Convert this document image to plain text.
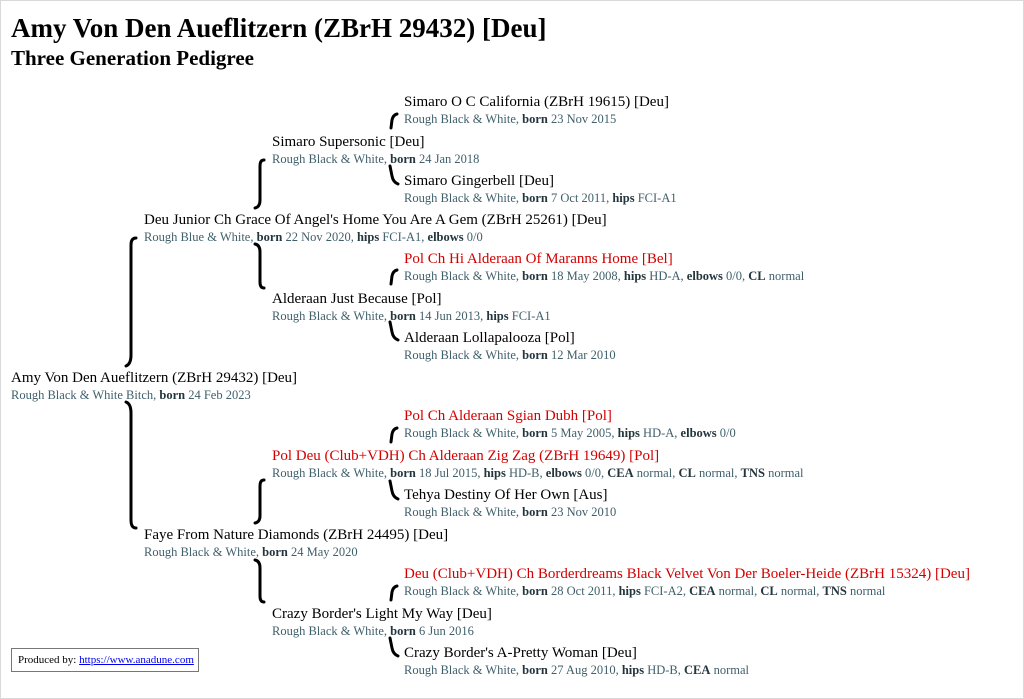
Amy Von Den Aueflitzern (ZBrH 29432) [Deu]
Three Generation Pedigree
Amy Von Den Aueflitzern (ZBrH 29432) [Deu]
Rough Black & White Bitch, born 24 Feb 2023
Deu Junior Ch Grace Of Angel's Home You Are A Gem (ZBrH 25261) [Deu]
Rough Blue & White, born 22 Nov 2020, hips FCI-A1, elbows 0/0
Faye From Nature Diamonds (ZBrH 24495) [Deu]
Rough Black & White, born 24 May 2020
Simaro Supersonic [Deu]
Rough Black & White, born 24 Jan 2018
Alderaan Just Because [Pol]
Rough Black & White, born 14 Jun 2013, hips FCI-A1
Pol Deu (Club+VDH) Ch Alderaan Zig Zag (ZBrH 19649) [Pol]
Rough Black & White, born 18 Jul 2015, hips HD-B, elbows 0/0, CEA normal, CL normal, TNS normal
Crazy Border's Light My Way [Deu]
Rough Black & White, born 6 Jun 2016
Simaro O C California (ZBrH 19615) [Deu]
Rough Black & White, born 23 Nov 2015
Simaro Gingerbell [Deu]
Rough Black & White, born 7 Oct 2011, hips FCI-A1
Pol Ch Hi Alderaan Of Maranns Home [Bel]
Rough Black & White, born 18 May 2008, hips HD-A, elbows 0/0, CL normal
Alderaan Lollapalooza [Pol]
Rough Black & White, born 12 Mar 2010
Pol Ch Alderaan Sgian Dubh [Pol]
Rough Black & White, born 5 May 2005, hips HD-A, elbows 0/0
Tehya Destiny Of Her Own [Aus]
Rough Black & White, born 23 Nov 2010
Deu (Club+VDH) Ch Borderdreams Black Velvet Von Der Boeler-Heide (ZBrH 15324) [Deu]
Rough Black & White, born 28 Oct 2011, hips FCI-A2, CEA normal, CL normal, TNS normal
Crazy Border's A-Pretty Woman [Deu]
Rough Black & White, born 27 Aug 2010, hips HD-B, CEA normal
Produced by: https://www.anadune.com
